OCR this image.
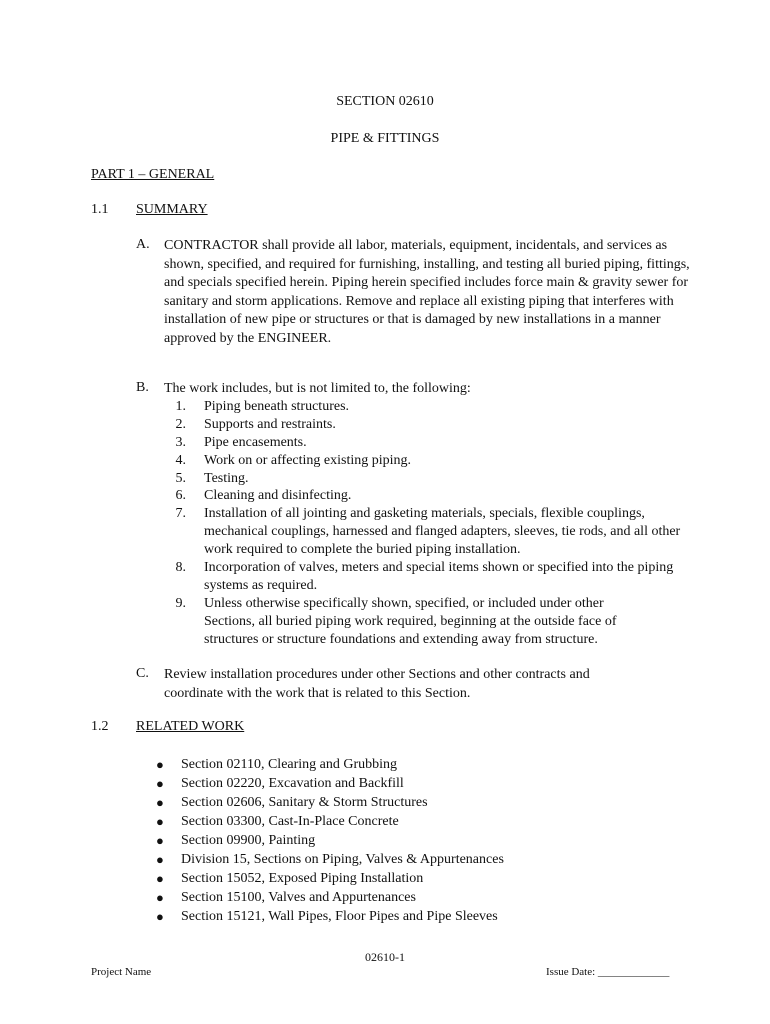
SECTION 02610
PIPE & FITTINGS
PART 1 – GENERAL
1.1 SUMMARY
A. CONTRACTOR shall provide all labor, materials, equipment, incidentals, and services as shown, specified, and required for furnishing, installing, and testing all buried piping, fittings, and specials specified herein. Piping herein specified includes force main & gravity sewer for sanitary and storm applications. Remove and replace all existing piping that interferes with installation of new pipe or structures or that is damaged by new installations in a manner approved by the ENGINEER.
B. The work includes, but is not limited to, the following:
1. Piping beneath structures.
2. Supports and restraints.
3. Pipe encasements.
4. Work on or affecting existing piping.
5. Testing.
6. Cleaning and disinfecting.
7. Installation of all jointing and gasketing materials, specials, flexible couplings, mechanical couplings, harnessed and flanged adapters, sleeves, tie rods, and all other work required to complete the buried piping installation.
8. Incorporation of valves, meters and special items shown or specified into the piping systems as required.
9. Unless otherwise specifically shown, specified, or included under other Sections, all buried piping work required, beginning at the outside face of structures or structure foundations and extending away from structure.
C. Review installation procedures under other Sections and other contracts and coordinate with the work that is related to this Section.
1.2 RELATED WORK
● Section 02110, Clearing and Grubbing
● Section 02220, Excavation and Backfill
● Section 02606, Sanitary & Storm Structures
● Section 03300, Cast-In-Place Concrete
● Section 09900, Painting
● Division 15, Sections on Piping, Valves & Appurtenances
● Section 15052, Exposed Piping Installation
● Section 15100, Valves and Appurtenances
● Section 15121, Wall Pipes, Floor Pipes and Pipe Sleeves
02610-1
Project Name	Issue Date: _____________
